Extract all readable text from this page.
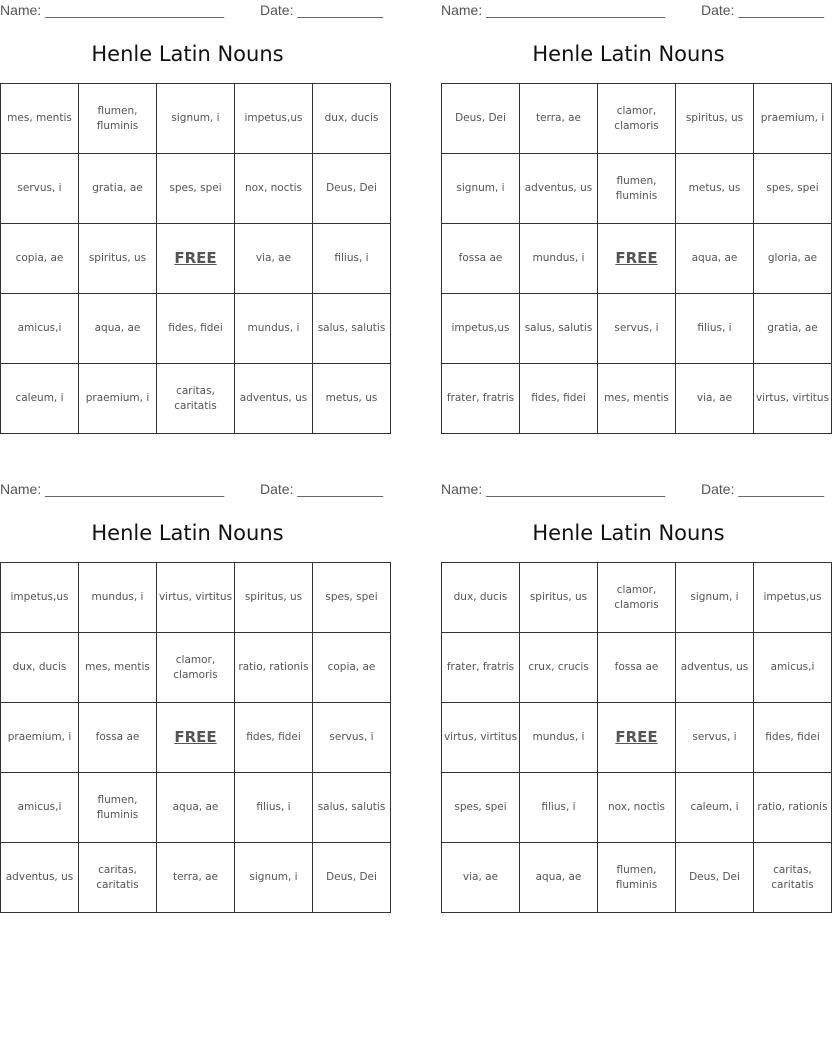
Name: _______________________	Date: ___________
Henle Latin Nouns
mes, mentis	flumen, fluminis	signum, i	impetus,us	dux, ducis
servus, i	gratia, ae	spes, spei	nox, noctis	Deus, Dei
copia, ae	spiritus, us	FREE	via, ae	filius, i
amicus,i	aqua, ae	fides, fidei	mundus, i	salus, salutis
caleum, i	praemium, i	caritas, caritatis	adventus, us	metus, us
Name: _______________________	Date: ___________
Henle Latin Nouns
Deus, Dei	terra, ae	clamor, clamoris	spiritus, us	praemium, i
signum, i	adventus, us	flumen, fluminis	metus, us	spes, spei
fossa ae	mundus, i	FREE	aqua, ae	gloria, ae
impetus,us	salus, salutis	servus, i	filius, i	gratia, ae
frater, fratris	fides, fidei	mes, mentis	via, ae	virtus, virtitus
Name: _______________________	Date: ___________
Henle Latin Nouns
impetus,us	mundus, i	virtus, virtitus	spiritus, us	spes, spei
dux, ducis	mes, mentis	clamor, clamoris	ratio, rationis	copia, ae
praemium, i	fossa ae	FREE	fides, fidei	servus, i
amicus,i	flumen, fluminis	aqua, ae	filius, i	salus, salutis
adventus, us	caritas, caritatis	terra, ae	signum, i	Deus, Dei
Name: _______________________	Date: ___________
Henle Latin Nouns
dux, ducis	spiritus, us	clamor, clamoris	signum, i	impetus,us
frater, fratris	crux, crucis	fossa ae	adventus, us	amicus,i
virtus, virtitus	mundus, i	FREE	servus, i	fides, fidei
spes, spei	filius, i	nox, noctis	caleum, i	ratio, rationis
via, ae	aqua, ae	flumen, fluminis	Deus, Dei	caritas, caritatis
